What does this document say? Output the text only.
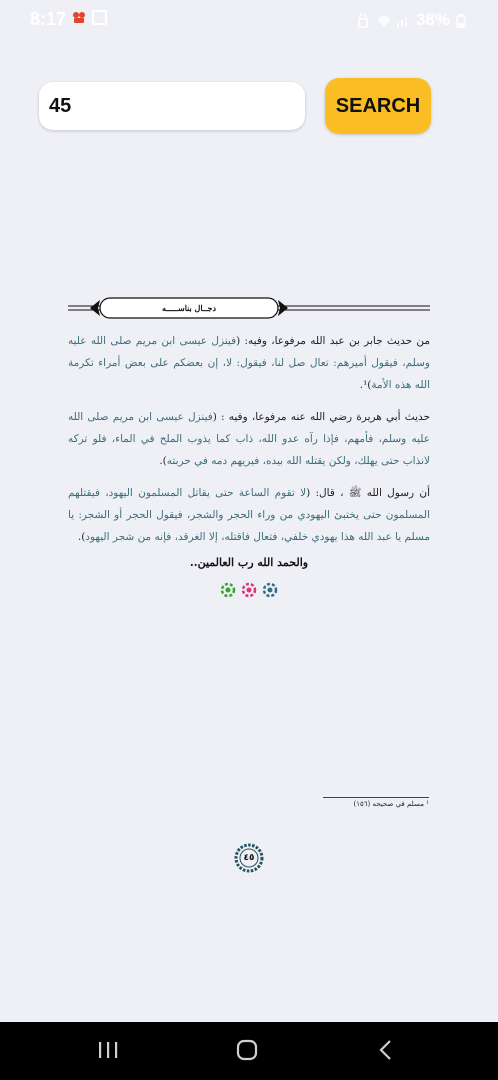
8:17	38%
45
SEARCH
دجــال بناســـــه

من حديث جابر بن عبد الله مرفوعا، وفيه: (فينزل عيسى ابن مريم صلى الله عليه وسلم، فيقول أميرهم: تعال صل لنا، فيقول: لا، إن بعضكم على بعض أمراء تكرمة الله هذه الأمة)¹.

حديث أبي هريرة رضي الله عنه مرفوعا، وفيه : (فينزل عيسى ابن مريم صلى الله عليه وسلم، فأمهم، فإذا رآه عدو الله، ذاب كما يذوب الملح في الماء، فلو تركه لانذاب حتى يهلك، ولكن يقتله الله بيده، فيريهم دمه في حربته).

أن رسول الله ﷺ ، قال: (لا تقوم الساعة حتى يقاتل المسلمون اليهود، فيقتلهم المسلمون حتى يختبئ اليهودي من وراء الحجر والشجر، فيقول الحجر أو الشجر: يا مسلم يا عبد الله هذا يهودي خلفي، فتعال فاقتله، إلا الغرقد، فإنه من شجر اليهود).

والحمد الله رب العالمين..
¹ مسلم في صحيحه (١٥٦)
٤٥
